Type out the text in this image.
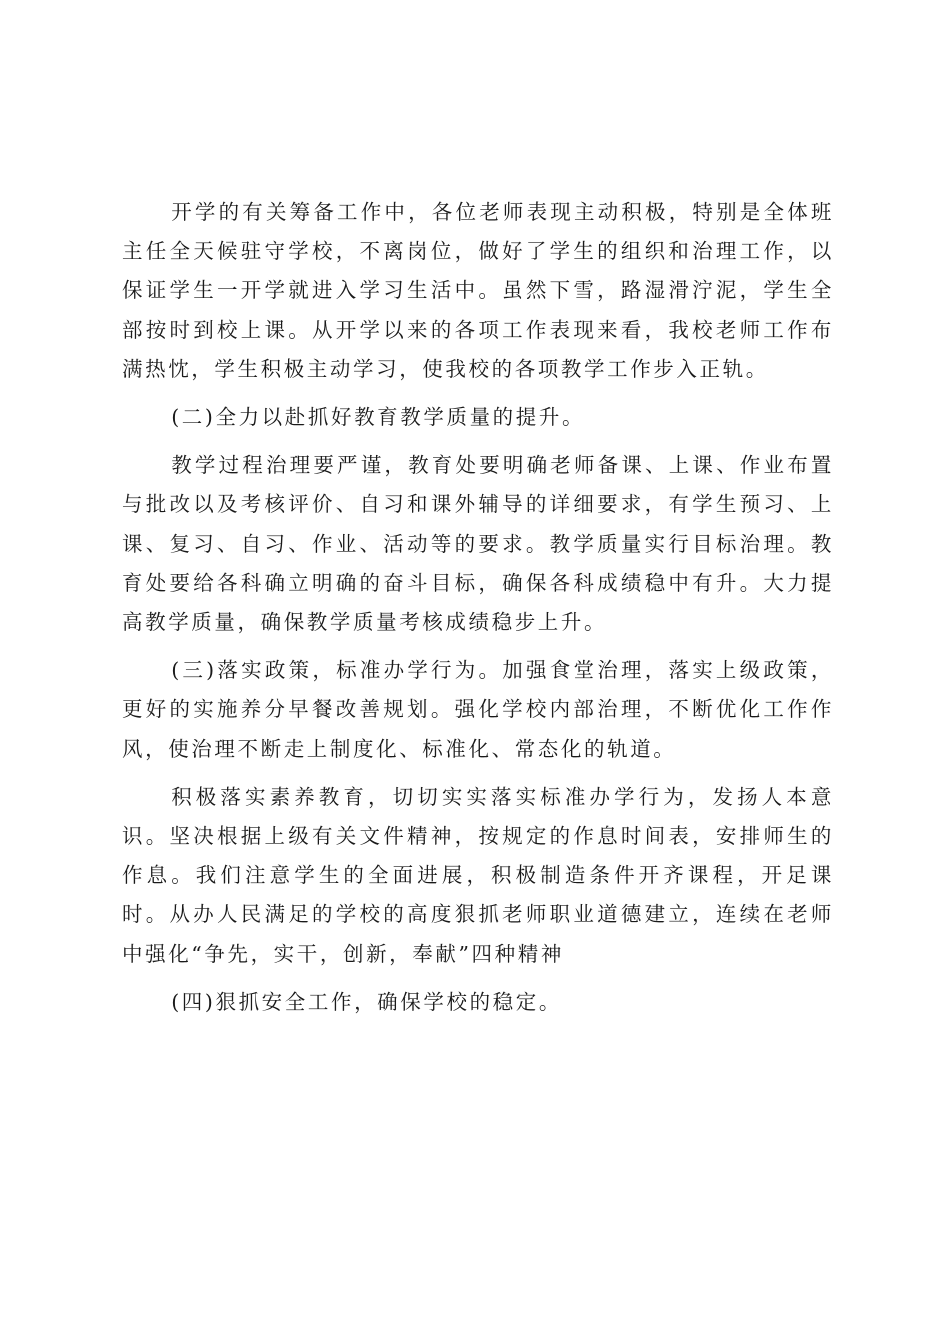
开学的有关筹备工作中，各位老师表现主动积极，特别是全体班主任全天候驻守学校，不离岗位，做好了学生的组织和治理工作，以保证学生一开学就进入学习生活中。虽然下雪，路湿滑泞泥，学生全部按时到校上课。从开学以来的各项工作表现来看，我校老师工作布满热忱，学生积极主动学习，使我校的各项教学工作步入正轨。

(二)全力以赴抓好教育教学质量的提升。

教学过程治理要严谨，教育处要明确老师备课、上课、作业布置与批改以及考核评价、自习和课外辅导的详细要求，有学生预习、上课、复习、自习、作业、活动等的要求。教学质量实行目标治理。教育处要给各科确立明确的奋斗目标，确保各科成绩稳中有升。大力提高教学质量，确保教学质量考核成绩稳步上升。

(三)落实政策，标准办学行为。加强食堂治理，落实上级政策，更好的实施养分早餐改善规划。强化学校内部治理，不断优化工作作风，使治理不断走上制度化、标准化、常态化的轨道。

积极落实素养教育，切切实实落实标准办学行为，发扬人本意识。坚决根据上级有关文件精神，按规定的作息时间表，安排师生的作息。我们注意学生的全面进展，积极制造条件开齐课程，开足课时。从办人民满足的学校的高度狠抓老师职业道德建立，连续在老师中强化“争先，实干，创新，奉献”四种精神

(四)狠抓安全工作，确保学校的稳定。
